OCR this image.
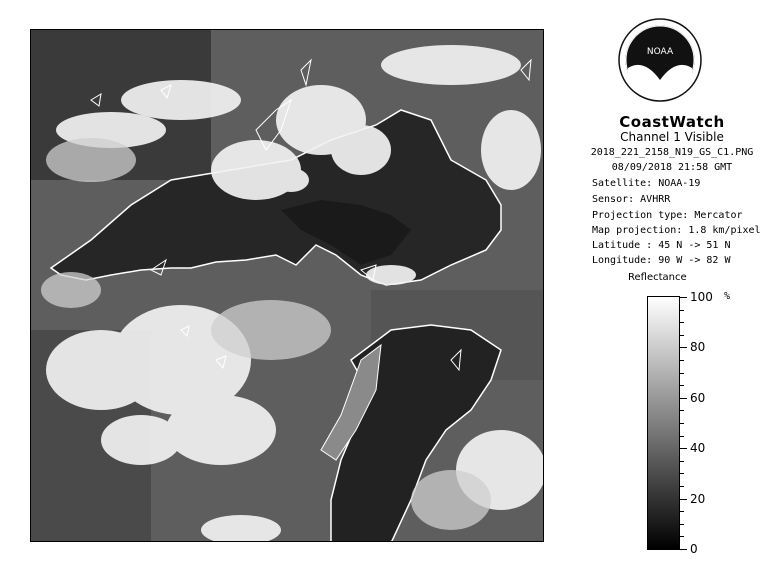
NOAA
CoastWatch
Channel 1 Visible
2018_221_2158_N19_GS_C1.PNG
08/09/2018 21:58 GMT
Satellite: NOAA-19
Sensor: AVHRR
Projection type: Mercator
Map projection: 1.8 km/pixel
Latitude : 45 N -> 51 N
Longitude: 90 W -> 82 W
Reflectance
%
100
80
60
40
20
0
